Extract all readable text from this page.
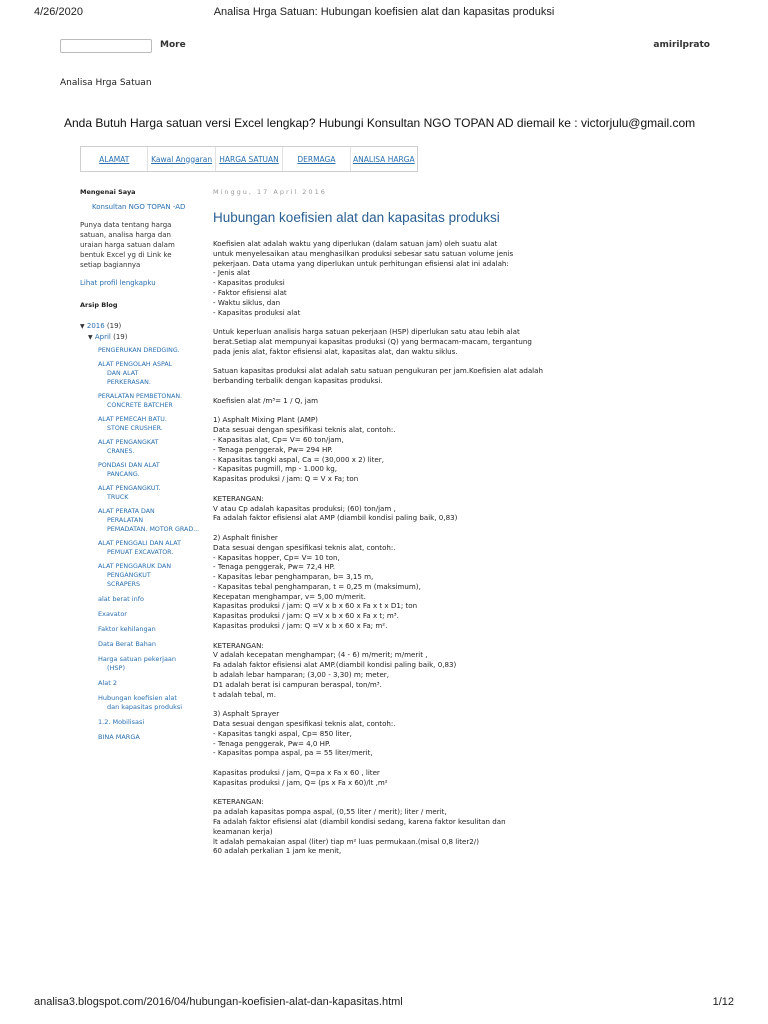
4/26/2020	Analisa Hrga Satuan: Hubungan koefisien alat dan kapasitas produksi
More	amirilprato
Analisa Hrga Satuan
Anda Butuh Harga satuan versi Excel lengkap? Hubungi Konsultan NGO TOPAN AD diemail ke : victorjulu@gmail.com
ALAMAT	Kawal Anggaran HARGA SATUAN	DERMAGA	ANALISA HARGA
Mengenai Saya
Konsultan NGO TOPAN -AD
Punya data tentang harga
satuan, analisa harga dan
uraian harga satuan dalam
bentuk Excel yg di Link ke
setiap bagiannya
Lihat profil lengkapku
Arsip Blog
▼ 2016 (19)
▼ April (19)
PENGERUKAN DREDGING.
ALAT PENGOLAH ASPAL
DAN ALAT
PERKERASAN.
PERALATAN PEMBETONAN.
CONCRETE BATCHER
ALAT PEMECAH BATU.
STONE CRUSHER.
ALAT PENGANGKAT
CRANES.
PONDASI DAN ALAT
PANCANG.
ALAT PENGANGKUT.
TRUCK
ALAT PERATA DAN
PERALATAN
PEMADATAN. MOTOR GRAD...
ALAT PENGGALI DAN ALAT
PEMUAT EXCAVATOR.
ALAT PENGGARUK DAN
PENGANGKUT
SCRAPERS
alat berat info
Exavator
Faktor kehilangan
Data Berat Bahan
Harga satuan pekerjaan
(HSP)
Alat 2
Hubungan koefisien alat
dan kapasitas produksi
1.2. Mobilisasi
BINA MARGA
Minggu, 17 April 2016
Hubungan koefisien alat dan kapasitas produksi
Koefisien alat adalah waktu yang diperlukan (dalam satuan jam) oleh suatu alat
untuk menyelesaikan atau menghasilkan produksi sebesar satu satuan volume jenis
pekerjaan. Data utama yang diperlukan untuk perhitungan efisiensi alat ini adalah:
- Jenis alat
- Kapasitas produksi
- Faktor efisiensi alat
- Waktu siklus, dan
- Kapasitas produksi alat
Untuk keperluan analisis harga satuan pekerjaan (HSP) diperlukan satu atau lebih alat
berat.Setiap alat mempunyai kapasitas produksi (Q) yang bermacam-macam, tergantung
pada jenis alat, faktor efisiensi alat, kapasitas alat, dan waktu siklus.
Satuan kapasitas produksi alat adalah satu satuan pengukuran per jam.Koefisien alat adalah
berbanding terbalik dengan kapasitas produksi.
Koefisien alat /m³= 1 / Q, jam
1) Asphalt Mixing Plant (AMP)
Data sesuai dengan spesifikasi teknis alat, contoh:.
- Kapasitas alat, Cp= V= 60 ton/jam,
- Tenaga penggerak, Pw= 294 HP.
- Kapasitas tangki aspal, Ca = (30,000 x 2) liter,
- Kapasitas pugmill, mp - 1.000 kg,
Kapasitas produksi / jam: Q = V x Fa; ton
KETERANGAN:
V atau Cp adalah kapasitas produksi; (60) ton/jam ,
Fa adalah faktor efisiensi alat AMP (diambil kondisi paling baik, 0,83)
2) Asphalt finisher
Data sesuai dengan spesifikasi teknis alat, contoh:.
- Kapasitas hopper, Cp= V= 10 ton,
- Tenaga penggerak, Pw= 72,4 HP.
- Kapasitas lebar penghamparan, b= 3,15 m,
- Kapasitas tebal penghamparan, t = 0,25 m (maksimum),
Kecepatan menghampar, v= 5,00 m/merit.
Kapasitas produksi / jam: Q =V x b x 60 x Fa x t x D1; ton
Kapasitas produksi / jam: Q =V x b x 60 x Fa x t; m³.
Kapasitas produksi / jam: Q =V x b x 60 x Fa; m².
KETERANGAN:
V adalah kecepatan menghampar; (4 - 6) m/merit; m/merit ,
Fa adalah faktor efisiensi alat AMP.(diambil kondisi paling baik, 0,83)
b adalah lebar hamparan; (3,00 - 3,30) m; meter,
D1 adalah berat isi campuran beraspal, ton/m³.
t adalah tebal, m.
3) Asphalt Sprayer
Data sesuai dengan spesifikasi teknis alat, contoh:.
- Kapasitas tangki aspal, Cp= 850 liter,
- Tenaga penggerak, Pw= 4,0 HP.
- Kapasitas pompa aspal, pa = 55 liter/merit,
Kapasitas produksi / jam, Q=pa x Fa x 60 , liter
Kapasitas produksi / jam, Q= (ps x Fa x 60)/lt ,m²
KETERANGAN:
pa adalah kapasitas pompa aspal, (0,55 liter / merit); liter / merit,
Fa adalah faktor efisiensi alat (diambil kondisi sedang, karena faktor kesulitan dan
keamanan kerja)
lt adalah pemakaian aspal (liter) tiap m² luas permukaan.(misal 0,8 liter2/)
60 adalah perkalian 1 jam ke menit,
analisa3.blogspot.com/2016/04/hubungan-koefisien-alat-dan-kapasitas.html	1/12
